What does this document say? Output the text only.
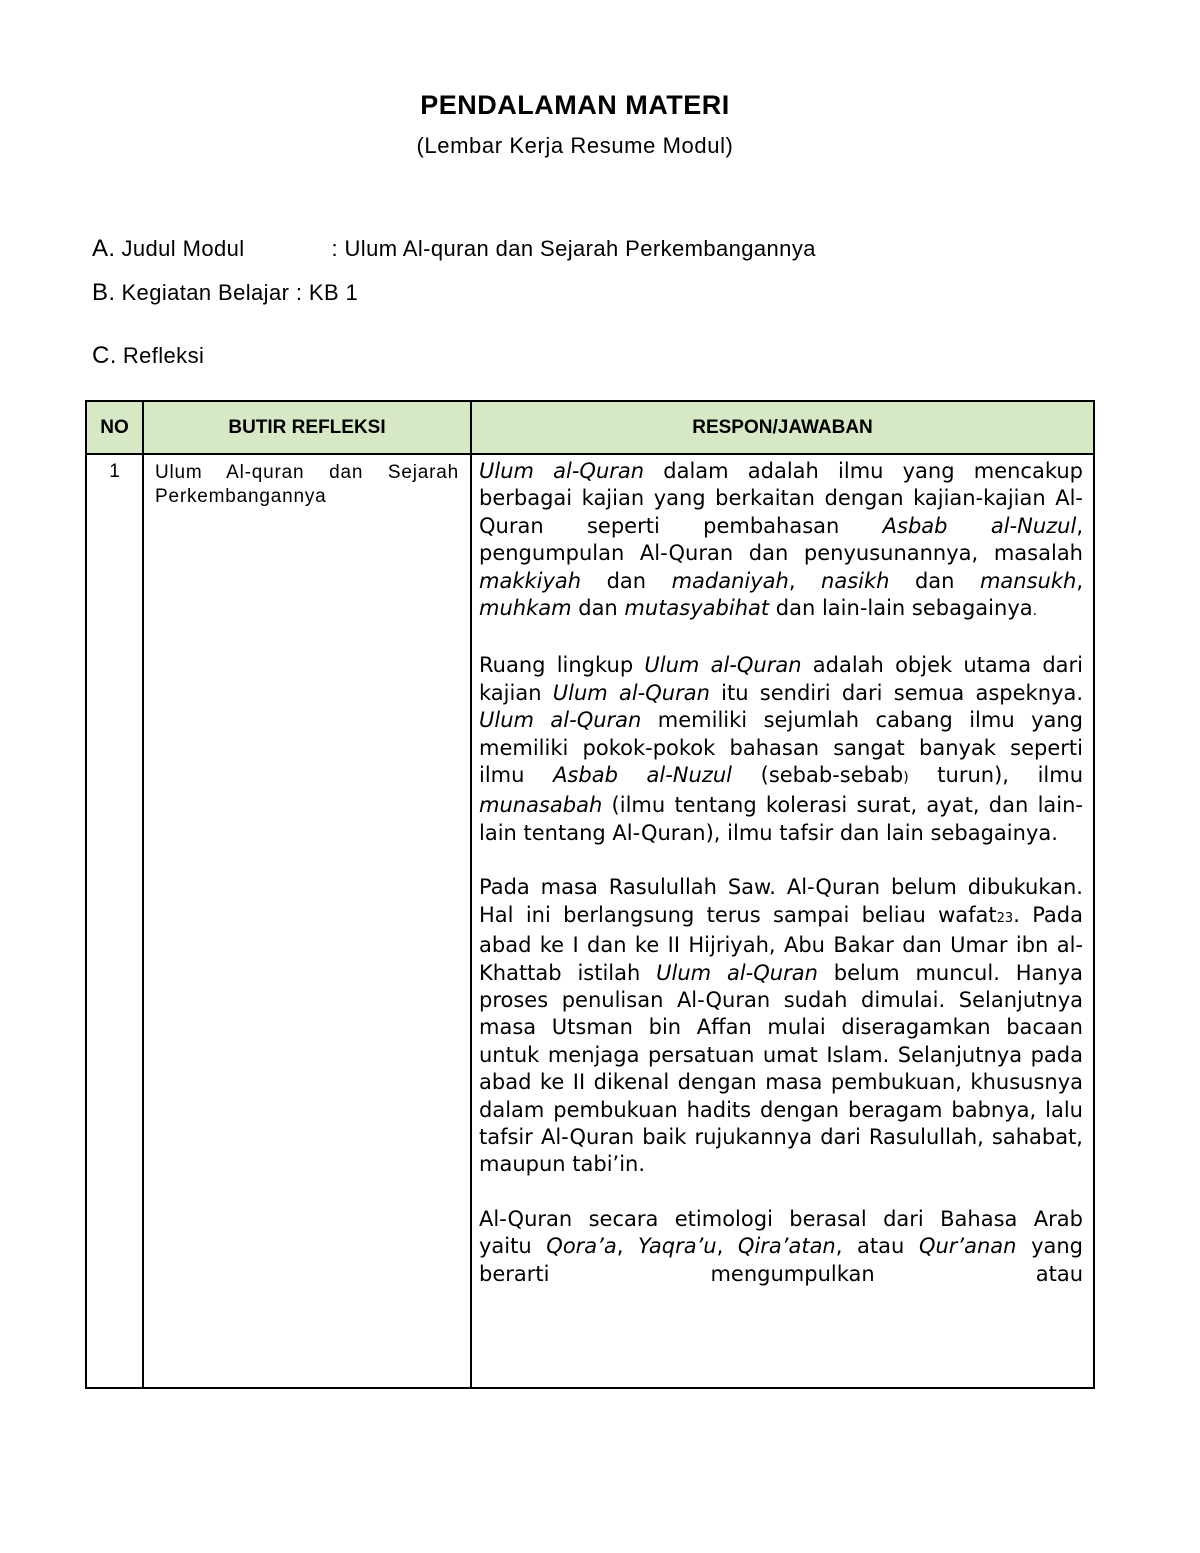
PENDALAMAN MATERI
(Lembar Kerja Resume Modul)
A. Judul Modul	: Ulum Al-quran dan Sejarah Perkembangannya
B. Kegiatan Belajar : KB 1
C. Refleksi
NO	BUTIR REFLEKSI	RESPON/JAWABAN
1	Ulum Al-quran dan Sejarah Perkembangannya	Ulum al-Quran dalam adalah ilmu yang mencakup berbagai kajian yang berkaitan dengan kajian-kajian Al-Quran seperti pembahasan Asbab al-Nuzul, pengumpulan Al-Quran dan penyusunannya, masalah makkiyah dan madaniyah, nasikh dan mansukh, muhkam dan mutasyabihat dan lain-lain sebagainya.

Ruang lingkup Ulum al-Quran adalah objek utama dari kajian Ulum al-Quran itu sendiri dari semua aspeknya. Ulum al-Quran memiliki sejumlah cabang ilmu yang memiliki pokok-pokok bahasan sangat banyak seperti ilmu Asbab al-Nuzul (sebab-sebab) turun), ilmu munasabah (ilmu tentang kolerasi surat, ayat, dan lain-lain tentang Al-Quran), ilmu tafsir dan lain sebagainya.

Pada masa Rasulullah Saw. Al-Quran belum dibukukan. Hal ini berlangsung terus sampai beliau wafat23. Pada abad ke I dan ke II Hijriyah, Abu Bakar dan Umar ibn al-Khattab istilah Ulum al-Quran belum muncul. Hanya proses penulisan Al-Quran sudah dimulai. Selanjutnya masa Utsman bin Affan mulai diseragamkan bacaan untuk menjaga persatuan umat Islam. Selanjutnya pada abad ke II dikenal dengan masa pembukuan, khususnya dalam pembukuan hadits dengan beragam babnya, lalu tafsir Al-Quran baik rujukannya dari Rasulullah, sahabat, maupun tabi’in.

Al-Quran secara etimologi berasal dari Bahasa Arab yaitu Qora’a, Yaqra’u, Qira’atan, atau Qur’anan yang berarti mengumpulkan atau
